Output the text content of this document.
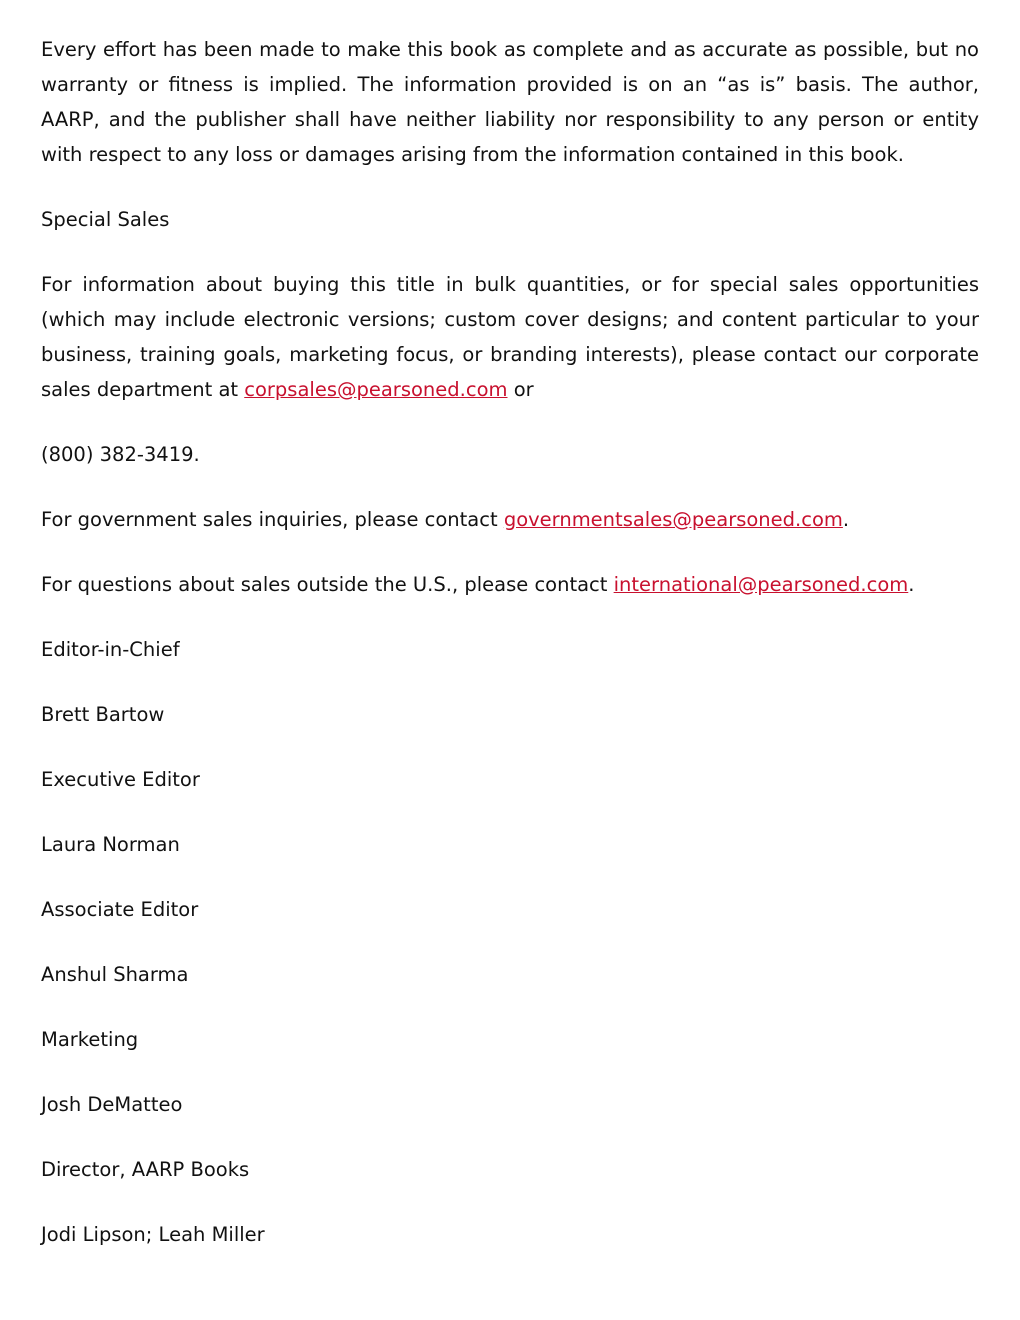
Every effort has been made to make this book as complete and as accurate as possible, but no warranty or fitness is implied. The information provided is on an “as is” basis. The author, AARP, and the publisher shall have neither liability nor responsibility to any person or entity with respect to any loss or damages arising from the information contained in this book.

Special Sales

For information about buying this title in bulk quantities, or for special sales opportunities (which may include electronic versions; custom cover designs; and content particular to your business, training goals, marketing focus, or branding interests), please contact our corporate sales department at corpsales@pearsoned.com or

(800) 382-3419.

For government sales inquiries, please contact governmentsales@pearsoned.com.

For questions about sales outside the U.S., please contact international@pearsoned.com.

Editor-in-Chief

Brett Bartow

Executive Editor

Laura Norman

Associate Editor

Anshul Sharma

Marketing

Josh DeMatteo

Director, AARP Books

Jodi Lipson; Leah Miller
